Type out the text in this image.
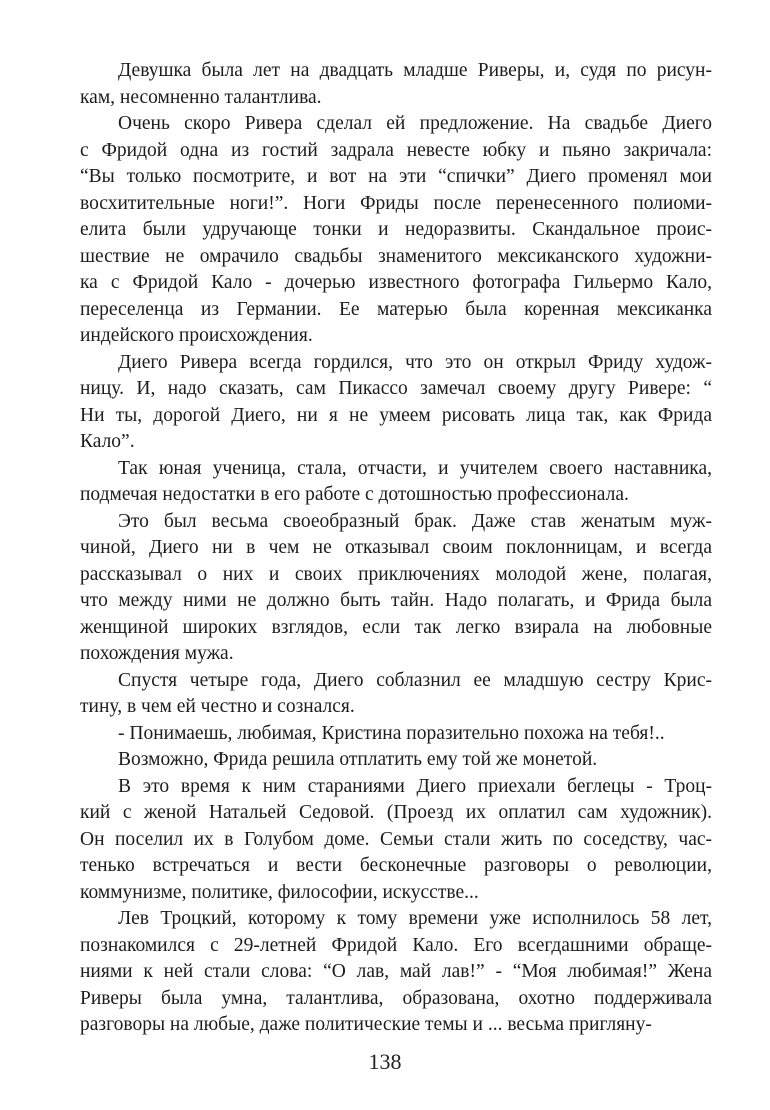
Девушка была лет на двадцать младше Риверы, и, судя по рисун-
кам, несомненно талантлива.

Очень скоро Ривера сделал ей предложение. На свадьбе Диего
с Фридой одна из гостий задрала невесте юбку и пьяно закричала:
“Вы только посмотрите, и вот на эти “спички” Диего променял мои
восхитительные ноги!”. Ноги Фриды после перенесенного полиоми-
елита были удручающе тонки и недоразвиты. Скандальное проис-
шествие не омрачило свадьбы знаменитого мексиканского художни-
ка с Фридой Кало - дочерью известного фотографа Гильермо Кало,
переселенца из Германии. Ее матерью была коренная мексиканка
индейского происхождения.

Диего Ривера всегда гордился, что это он открыл Фриду худож-
ницу. И, надо сказать, сам Пикассо замечал своему другу Ривере: “
Ни ты, дорогой Диего, ни я не умеем рисовать лица так, как Фрида
Кало”.

Так юная ученица, стала, отчасти, и учителем своего наставника,
подмечая недостатки в его работе с дотошностью профессионала.

Это был весьма своеобразный брак. Даже став женатым муж-
чиной, Диего ни в чем не отказывал своим поклонницам, и всегда
рассказывал о них и своих приключениях молодой жене, полагая,
что между ними не должно быть тайн. Надо полагать, и Фрида была
женщиной широких взглядов, если так легко взирала на любовные
похождения мужа.

Спустя четыре года, Диего соблазнил ее младшую сестру Крис-
тину, в чем ей честно и сознался.

- Понимаешь, любимая, Кристина поразительно похожа на тебя!..

Возможно, Фрида решила отплатить ему той же монетой.

В это время к ним стараниями Диего приехали беглецы - Троц-
кий с женой Натальей Седовой. (Проезд их оплатил сам художник).
Он поселил их в Голубом доме. Семьи стали жить по соседству, час-
тенько встречаться и вести бесконечные разговоры о революции,
коммунизме, политике, философии, искусстве...

Лев Троцкий, которому к тому времени уже исполнилось 58 лет,
познакомился с 29-летней Фридой Кало. Его всегдашними обраще-
ниями к ней стали слова: “О лав, май лав!” - “Моя любимая!” Жена
Риверы была умна, талантлива, образована, охотно поддерживала
разговоры на любые, даже политические темы и ... весьма пригляну-

138
